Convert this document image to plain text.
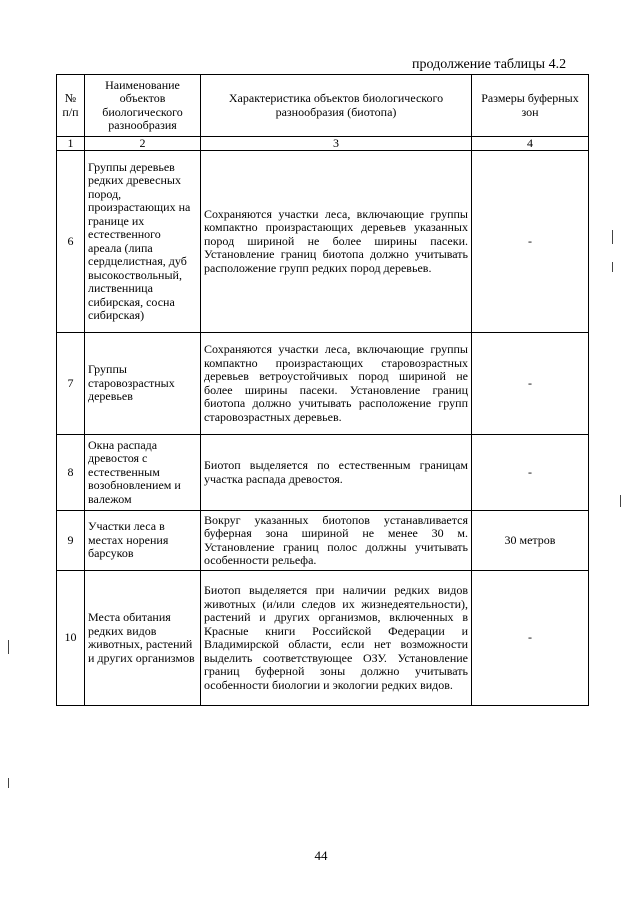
продолжение таблицы 4.2
№ п/п	Наименование объектов биологического разнообразия	Характеристика объектов биологического разнообразия (биотопа)	Размеры буферных зон
1	2	3	4
6	Группы деревьев редких древесных пород, произрастающих на границе их естественного ареала (липа сердцелистная, дуб высокоствольный, лиственница сибирская, сосна сибирская)	Сохраняются участки леса, включающие группы компактно произрастающих деревьев указанных пород шириной не более ширины пасеки. Установление границ биотопа должно учитывать расположение групп редких пород деревьев.	-
7	Группы старовозрастных деревьев	Сохраняются участки леса, включающие группы компактно произрастающих старовозрастных деревьев ветроустойчивых пород шириной не более ширины пасеки. Установление границ биотопа должно учитывать расположение групп старовозрастных деревьев.	-
8	Окна распада древостоя с естественным возобновлением и валежом	Биотоп выделяется по естественным границам участка распада древостоя.	-
9	Участки леса в местах норения барсуков	Вокруг указанных биотопов устанавливается буферная зона шириной не менее 30 м. Установление границ полос должны учитывать особенности рельефа.	30 метров
10	Места обитания редких видов животных, растений и других организмов	Биотоп выделяется при наличии редких видов животных (и/или следов их жизнедеятельности), растений и других организмов, включенных в Красные книги Российской Федерации и Владимирской области, если нет возможности выделить соответствующее ОЗУ. Установление границ буферной зоны должно учитывать особенности биологии и экологии редких видов.	-
44
